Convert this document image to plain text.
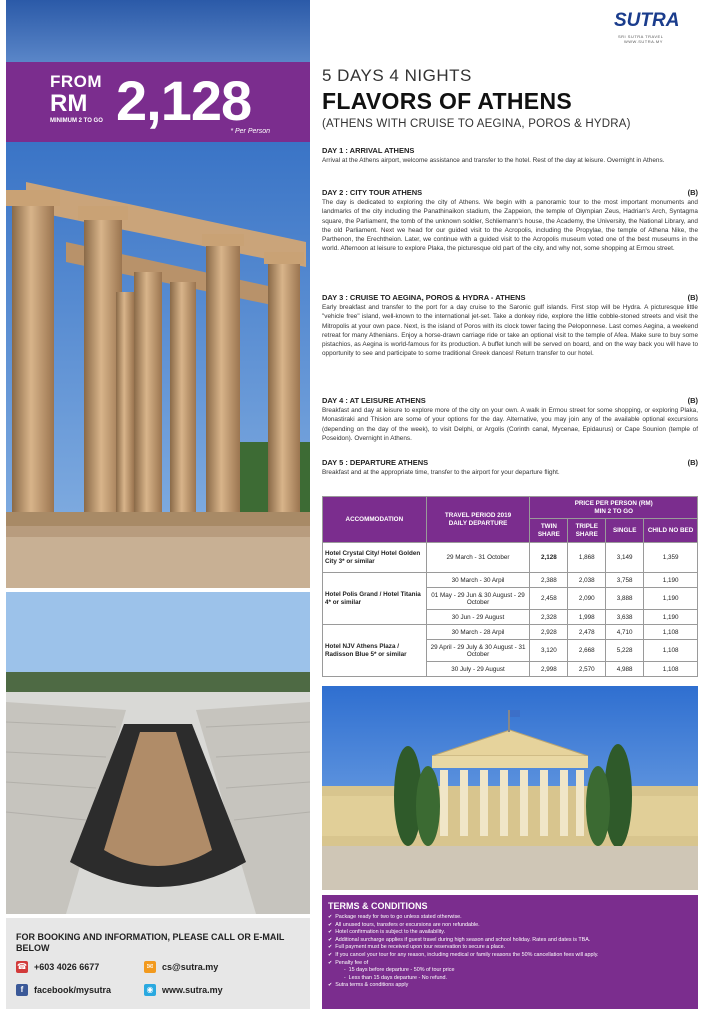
FROM
RM
MINIMUM 2 TO GO 2,128
* Per Person
FOR BOOKING AND INFORMATION, PLEASE CALL OR E-MAIL BELOW
☎ +603 4026 6677	✉ cs@sutra.my
f	facebook/mysutra	◉ www.sutra.my
SUTRA
SRI SUTRA TRAVEL
WWW.SUTRA.MY
5 DAYS 4 NIGHTS
FLAVORS OF ATHENS
(ATHENS WITH CRUISE TO AEGINA, POROS & HYDRA)
DAY 1 : ARRIVAL ATHENS
Arrival at the Athens airport, welcome assistance and transfer to the hotel. Rest of the day at leisure. Overnight in Athens.
DAY 2 : CITY TOUR ATHENS	(B)
The day is dedicated to exploring the city of Athens. We begin with a panoramic tour to the most important monuments and landmarks of the city including the Panathinaikon stadium, the Zappeion, the temple of Olympian Zeus, Hadrian's Arch, Syntagma square, the Parliament, the tomb of the unknown soldier, Schliemann's house, the Academy, the University, the National Library, and the old Parliament. Next we head for our guided visit to the Acropolis, including the Propylae, the temple of Athena Nike, the Parthenon, the Erechtheion. Later, we continue with a guided visit to the Acropolis museum voted one of the best museums in the world. Afternoon at leisure to explore Plaka, the picturesque old part of the city, and why not, some shopping at Ermou street.
DAY 3 : CRUISE TO AEGINA, POROS & HYDRA - ATHENS	(B)
Early breakfast and transfer to the port for a day cruise to the Saronic gulf islands. First stop will be Hydra. A picturesque little "vehicle free" island, well-known to the international jet-set. Take a donkey ride, explore the little cobble-stoned streets and visit the Mitropolis at your own pace. Next, is the island of Poros with its clock tower facing the Peloponnese. Last comes Aegina, a weekend retreat for many Athenians. Enjoy a horse-drawn carriage ride or take an optional visit to the temple of Afea. Make sure to buy some pistachios, as Aegina is world-famous for its production. A buffet lunch will be served on board, and on the way back you will have to opportunity to see and participate to some traditional Greek dances! Return transfer to our hotel.
DAY 4 : AT LEISURE ATHENS	(B)
Breakfast and day at leisure to explore more of the city on your own. A walk in Ermou street for some shopping, or exploring Plaka, Monastiraki and Thision are some of your options for the day. Alternative, you may join any of the available optional excursions (depending on the day of the week), to visit Delphi, or Argolis (Corinth canal, Mycenae, Epidaurus) or Cape Sounion (temple of Poseidon). Overnight in Athens.
DAY 5 : DEPARTURE ATHENS	(B)
Breakfast and at the appropriate time, transfer to the airport for your departure flight.
ACCOMMODATION	TRAVEL PERIOD 2019 DAILY DEPARTURE	PRICE PER PERSON (RM) MIN 2 TO GO			
		TWIN SHARE	TRIPLE SHARE	SINGLE	CHILD NO BED
Hotel Crystal City/ Hotel Golden City 3* or similar	29 March - 31 October	2,128	1,868	3,149	1,359
Hotel Polis Grand / Hotel Titania 4* or similar	30 March - 30 Arpil	2,388	2,038	3,758	1,190
	01 May - 29 Jun & 30 August - 29 October	2,458	2,090	3,888	1,190
	30 Jun - 29 August	2,328	1,998	3,638	1,190
Hotel NJV Athens Plaza / Radisson Blue 5* or similar	30 March - 28 Arpil	2,928	2,478	4,710	1,108
	29 April - 29 July & 30 August - 31 October	3,120	2,668	5,228	1,108
	30 July - 29 August	2,998	2,570	4,988	1,108
TERMS & CONDITIONS
✔ Package ready for two to go unless stated otherwise.
✔ All unused tours, transfers or excursions are non refundable.
✔ Hotel confirmation is subject to the availability.
✔ Additional surcharge applies if guest travel during high season and school holiday. Rates and dates is TBA.
✔ Full payment must be received upon tour reservation to secure a place.
✔ If you cancel your tour for any reason, including medical or family reasons the 50% cancellation fees will apply.
✔ Penalty fee of
- 15 days before departure - 50% of tour price
- Less than 15 days departure - No refund.
✔ Sutra terms & conditions apply
